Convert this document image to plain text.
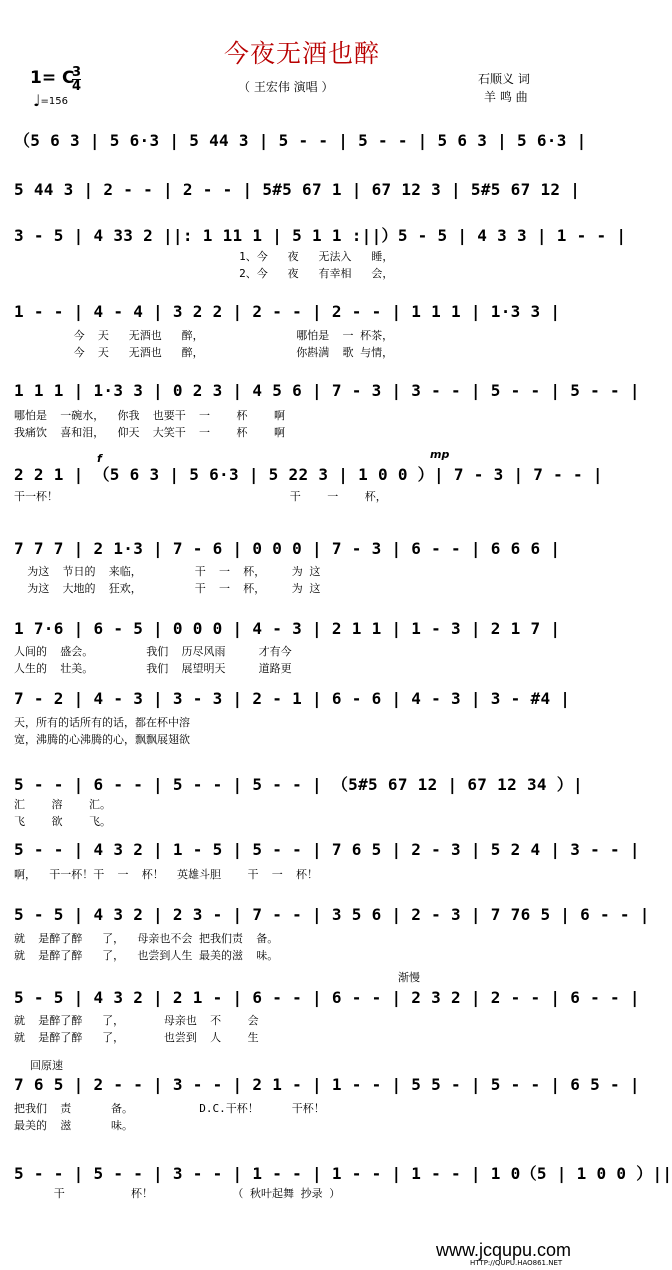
今夜无酒也醉
（ 王宏伟 演唱 ）
石顺义 词
羊 鸣 曲
1= C
3
4
♩=156
（5 6 3 | 5 6·3 | 5 44 3 | 5 - - | 5 - - | 5 6 3 | 5 6·3 |
5 44 3 | 2 - - | 2 - - | 5#5 67 1 | 67 12 3 | 5#5 67 12 |
3 - 5 | 4 33 2 ||: 1 11 1 | 5 1 1 :||）5 - 5 | 4 3 3 | 1 - - |
1、今   夜   无法入   睡，
2、今   夜   有幸相   会，
1 - - | 4 - 4 | 3 2 2 | 2 - - | 2 - - | 1 1 1 | 1·3 3 |
今  天   无酒也   醉，              哪怕是  一 杯茶，
今  天   无酒也   醉，              你斟满  歌 与情，
1 1 1 | 1·3 3 | 0 2 3 | 4 5 6 | 7 - 3 | 3 - - | 5 - - | 5 - - |
哪怕是  一碗水，  你我  也要干  一    杯    啊
我痛饮  喜和泪，  仰天  大笑干  一    杯    啊
mp
f
2 2 1 | （5 6 3 | 5 6·3 | 5 22 3 | 1 0 0 ）| 7 - 3 | 7 - - |
干一杯！                                   干    一    杯，
7 7 7 | 2 1·3 | 7 - 6 | 0 0 0 | 7 - 3 | 6 - - | 6 6 6 |
为这  节日的  来临，        干  一  杯，    为 这
为这  大地的  狂欢，        干  一  杯，    为 这
1 7·6 | 6 - 5 | 0 0 0 | 4 - 3 | 2 1 1 | 1 - 3 | 2 1 7 |
人间的  盛会。        我们  历尽风雨     才有今
人生的  壮美。        我们  展望明天     道路更
7 - 2 | 4 - 3 | 3 - 3 | 2 - 1 | 6 - 6 | 4 - 3 | 3 - #4 |
天，所有的话所有的话，都在杯中溶
宽，沸腾的心沸腾的心，飘飘展翅欲
5 - - | 6 - - | 5 - - | 5 - - | （5#5 67 12 | 67 12 34 ）|
汇    溶    汇。
飞    欲    飞。
5 - - | 4 3 2 | 1 - 5 | 5 - - | 7 6 5 | 2 - 3 | 5 2 4 | 3 - - |
啊，  干一杯！干  一  杯！  英雄斗胆    干  一  杯！
5 - 5 | 4 3 2 | 2 3 - | 7 - - | 3 5 6 | 2 - 3 | 7 76 5 | 6 - - |
就  是醉了醉   了，  母亲也不会 把我们责  备。
就  是醉了醉   了，  也尝到人生 最美的滋  味。
渐慢
5 - 5 | 4 3 2 | 2 1 - | 6 - - | 6 - - | 2 3 2 | 2 - - | 6 - - |
就  是醉了醉   了，      母亲也  不    会
就  是醉了醉   了，      也尝到  人    生
回原速
7 6 5 | 2 - - | 3 - - | 2 1 - | 1 - - | 5 5 - | 5 - - | 6 5 - |
把我们  责      备。          D.C.干杯！     干杯！
最美的  滋      味。
5 - - | 5 - - | 3 - - | 1 - - | 1 - - | 1 - - | 1 0（5 | 1 0 0 ）||
干          杯！            （ 秋叶起舞 抄录 ）
www.jcqupu.com
HTTP://QUPU.HAO861.NET
